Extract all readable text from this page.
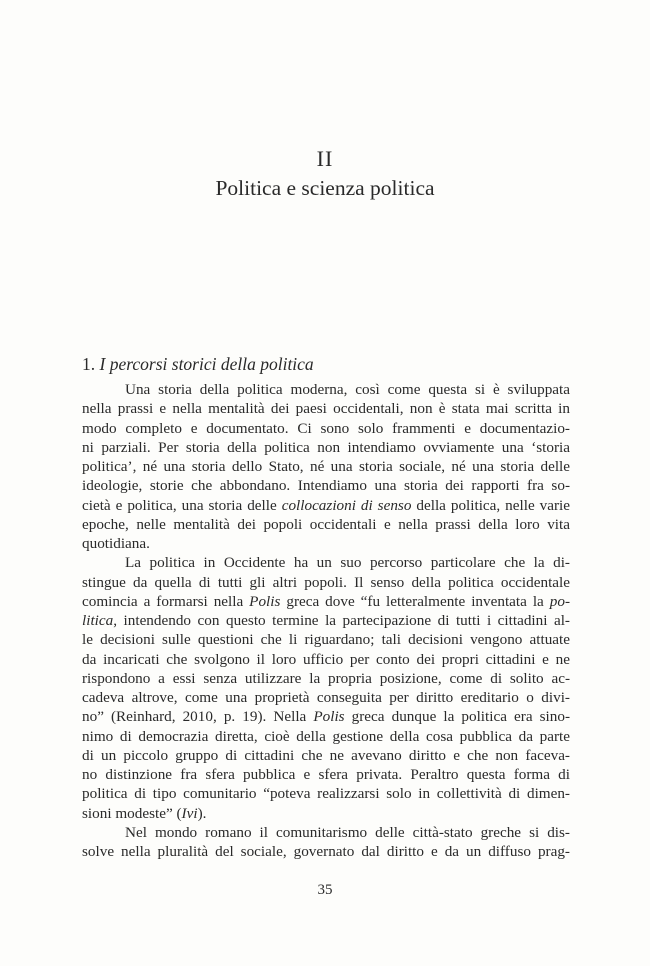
II
Politica e scienza politica
1. I percorsi storici della politica

Una storia della politica moderna, così come questa si è sviluppata
nella prassi e nella mentalità dei paesi occidentali, non è stata mai scritta in
modo completo e documentato. Ci sono solo frammenti e documentazio-
ni parziali. Per storia della politica non intendiamo ovviamente una ‘storia
politica’, né una storia dello Stato, né una storia sociale, né una storia delle
ideologie, storie che abbondano. Intendiamo una storia dei rapporti fra so-
cietà e politica, una storia delle collocazioni di senso della politica, nelle varie
epoche, nelle mentalità dei popoli occidentali e nella prassi della loro vita
quotidiana.

La politica in Occidente ha un suo percorso particolare che la di-
stingue da quella di tutti gli altri popoli. Il senso della politica occidentale
comincia a formarsi nella Polis greca dove “fu letteralmente inventata la po-
litica, intendendo con questo termine la partecipazione di tutti i cittadini al-
le decisioni sulle questioni che li riguardano; tali decisioni vengono attuate
da incaricati che svolgono il loro ufficio per conto dei propri cittadini e ne
rispondono a essi senza utilizzare la propria posizione, come di solito ac-
cadeva altrove, come una proprietà conseguita per diritto ereditario o divi-
no” (Reinhard, 2010, p. 19). Nella Polis greca dunque la politica era sino-
nimo di democrazia diretta, cioè della gestione della cosa pubblica da parte
di un piccolo gruppo di cittadini che ne avevano diritto e che non faceva-
no distinzione fra sfera pubblica e sfera privata. Peraltro questa forma di
politica di tipo comunitario “poteva realizzarsi solo in collettività di dimen-
sioni modeste” (Ivi).

Nel mondo romano il comunitarismo delle città-stato greche si dis-
solve nella pluralità del sociale, governato dal diritto e da un diffuso prag-

35
